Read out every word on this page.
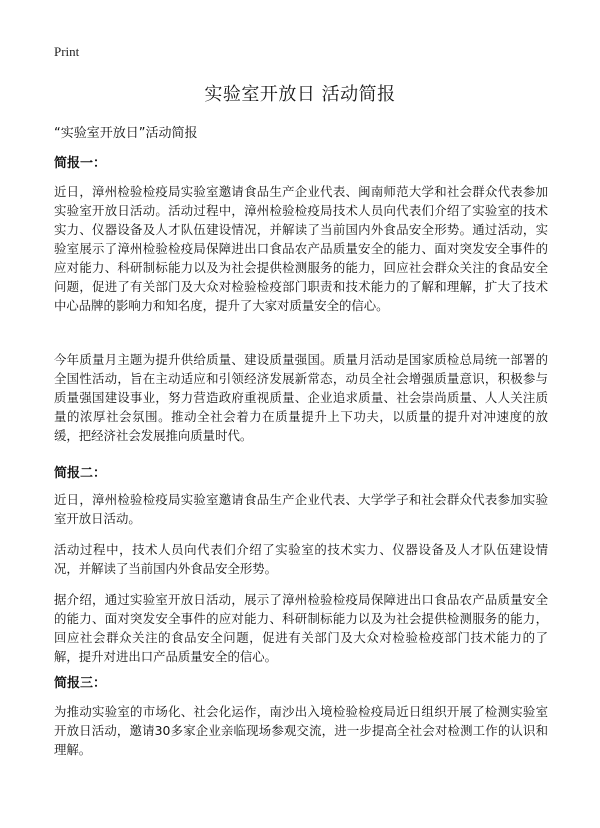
Print
实验室开放日 活动简报
“实验室开放日”活动简报
简报一：
近日，漳州检验检疫局实验室邀请食品生产企业代表、闽南师范大学和社会群众代表参加实验室开放日活动。活动过程中，漳州检验检疫局技术人员向代表们介绍了实验室的技术实力、仪器设备及人才队伍建设情况，并解读了当前国内外食品安全形势。通过活动，实验室展示了漳州检验检疫局保障进出口食品农产品质量安全的能力、面对突发安全事件的应对能力、科研制标能力以及为社会提供检测服务的能力，回应社会群众关注的食品安全问题，促进了有关部门及大众对检验检疫部门职责和技术能力的了解和理解，扩大了技术中心品牌的影响力和知名度，提升了大家对质量安全的信心。
今年质量月主题为提升供给质量、建设质量强国。质量月活动是国家质检总局统一部署的全国性活动，旨在主动适应和引领经济发展新常态，动员全社会增强质量意识，积极参与质量强国建设事业，努力营造政府重视质量、企业追求质量、社会崇尚质量、人人关注质量的浓厚社会氛围。推动全社会着力在质量提升上下功夫，以质量的提升对冲速度的放缓，把经济社会发展推向质量时代。
简报二：
近日，漳州检验检疫局实验室邀请食品生产企业代表、大学学子和社会群众代表参加实验室开放日活动。
活动过程中，技术人员向代表们介绍了实验室的技术实力、仪器设备及人才队伍建设情况，并解读了当前国内外食品安全形势。
据介绍，通过实验室开放日活动，展示了漳州检验检疫局保障进出口食品农产品质量安全的能力、面对突发安全事件的应对能力、科研制标能力以及为社会提供检测服务的能力，回应社会群众关注的食品安全问题，促进有关部门及大众对检验检疫部门技术能力的了解，提升对进出口产品质量安全的信心。
简报三：
为推动实验室的市场化、社会化运作，南沙出入境检验检疫局近日组织开展了检测实验室开放日活动，邀请30多家企业亲临现场参观交流，进一步提高全社会对检测工作的认识和理解。
